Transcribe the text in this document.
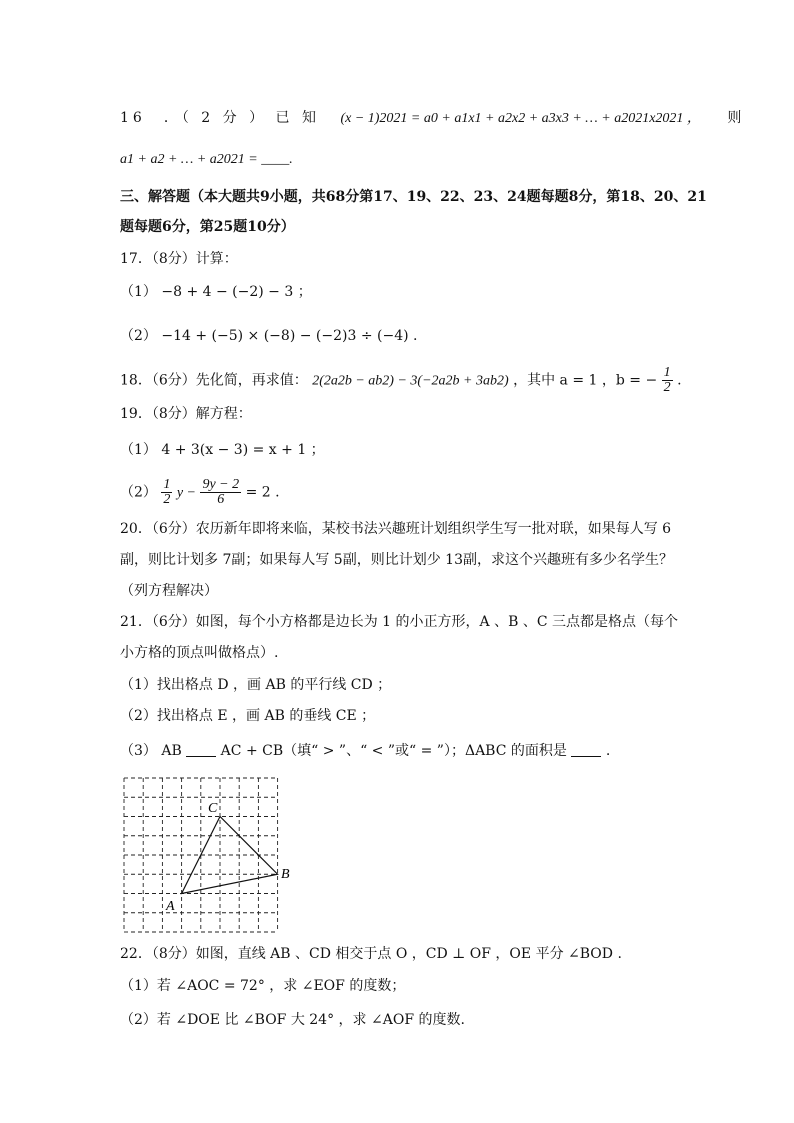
16　．（ 2 分 ） 已 知 (x − 1)2021 = a0 + a1x1 + a2x2 + a3x3 + … + a2021x2021 ， 则
a1 + a2 + … + a2021 = ____.
三、解答题（本大题共9小题，共68分第17、19、22、23、24题每题8分，第18、20、21
题每题6分，第25题10分）
17．（8分）计算：
（1） −8 + 4 − (−2) − 3 ；
（2） −14 + (−5) × (−8) − (−2)3 ÷ (−4) .
18．（6分）先化简，再求值： 2(2a2b − ab2) − 3(−2a2b + 3ab2) ，其中 a = 1 ，b = − $\frac{1}{2}$ .
19．（8分）解方程：
（1） 4 + 3(x − 3) = x + 1 ；
$(2) \frac{1}{2}$ $y - \frac{9y - 2}{6} = 2$ .
20．（6分）农历新年即将来临，某校书法兴趣班计划组织学生写一批对联，如果每人写 6
副，则比计划多 7副；如果每人写 5副，则比计划少 13副，求这个兴趣班有多少名学生？
（列方程解决）
21．（6分）如图，每个小方格都是边长为 1 的小正方形，A 、B 、C 三点都是格点（每个
小方格的顶点叫做格点）.
（1）找出格点 D ，画 AB 的平行线 CD ；
（2）找出格点 E ，画 AB 的垂线 CE ；
（3） AB	AC + CB（填“ > ”、“ < ”或“ = ”）；ΔABC 的面积是	.
A
B
C
22．（8分）如图，直线 AB 、CD 相交于点 O ，CD ⊥ OF ，OE 平分 ∠BOD .
（1）若 ∠AOC = 72° ，求 ∠EOF 的度数；
（2）若 ∠DOE 比 ∠BOF 大 24° ，求 ∠AOF 的度数.
